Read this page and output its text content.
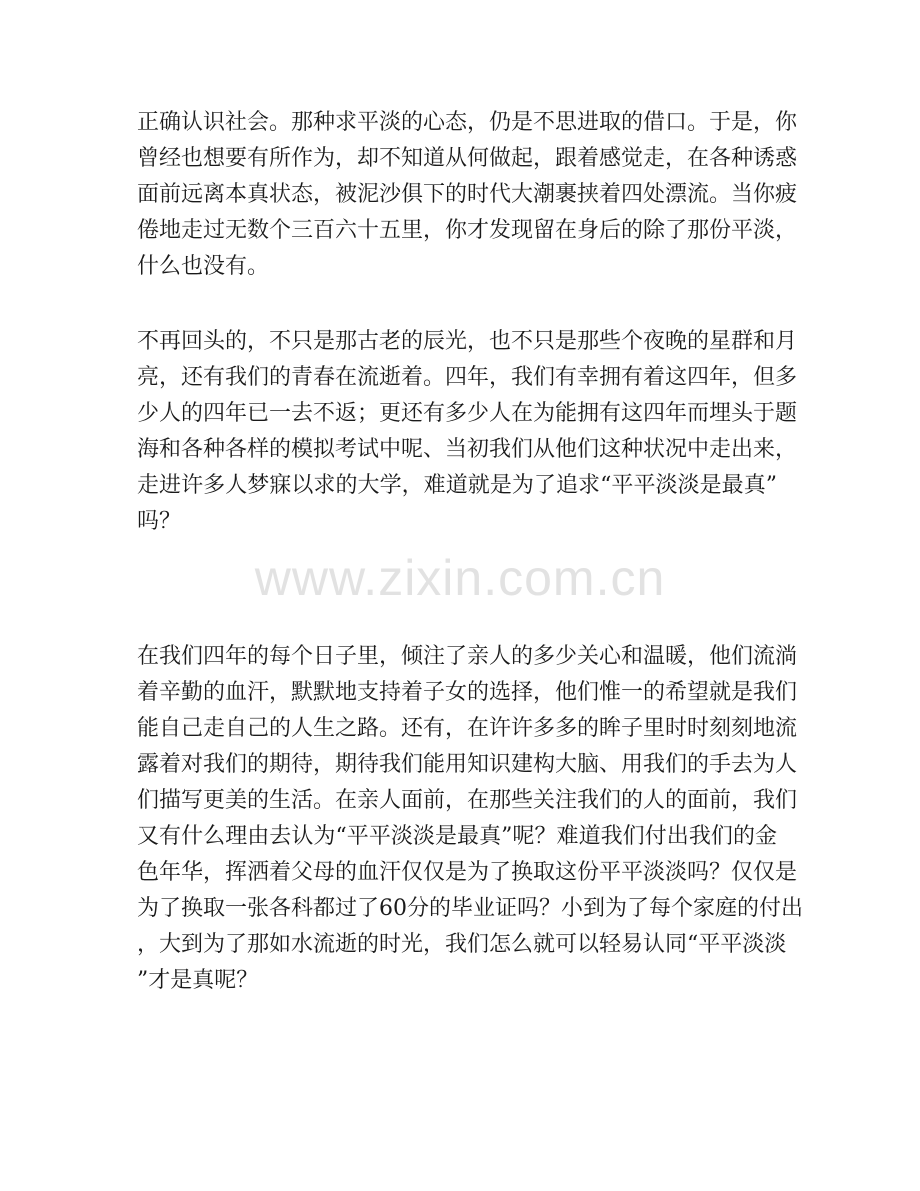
www.zixin.com.cn
正确认识社会。那种求平淡的心态，仍是不思进取的借口。于是，你
曾经也想要有所作为，却不知道从何做起，跟着感觉走，在各种诱惑
面前远离本真状态，被泥沙俱下的时代大潮裹挟着四处漂流。当你疲
倦地走过无数个三百六十五里，你才发现留在身后的除了那份平淡，
什么也没有。
不再回头的，不只是那古老的辰光，也不只是那些个夜晚的星群和月
亮，还有我们的青春在流逝着。四年，我们有幸拥有着这四年，但多
少人的四年已一去不返；更还有多少人在为能拥有这四年而埋头于题
海和各种各样的模拟考试中呢、当初我们从他们这种状况中走出来，
走进许多人梦寐以求的大学，难道就是为了追求“平平淡淡是最真”
吗？
在我们四年的每个日子里，倾注了亲人的多少关心和温暖，他们流淌
着辛勤的血汗，默默地支持着子女的选择，他们惟一的希望就是我们
能自己走自己的人生之路。还有，在许许多多的眸子里时时刻刻地流
露着对我们的期待，期待我们能用知识建构大脑、用我们的手去为人
们描写更美的生活。在亲人面前，在那些关注我们的人的面前，我们
又有什么理由去认为“平平淡淡是最真”呢？难道我们付出我们的金
色年华，挥洒着父母的血汗仅仅是为了换取这份平平淡淡吗？仅仅是
为了换取一张各科都过了60分的毕业证吗？小到为了每个家庭的付出
，大到为了那如水流逝的时光，我们怎么就可以轻易认同“平平淡淡
”才是真呢？
